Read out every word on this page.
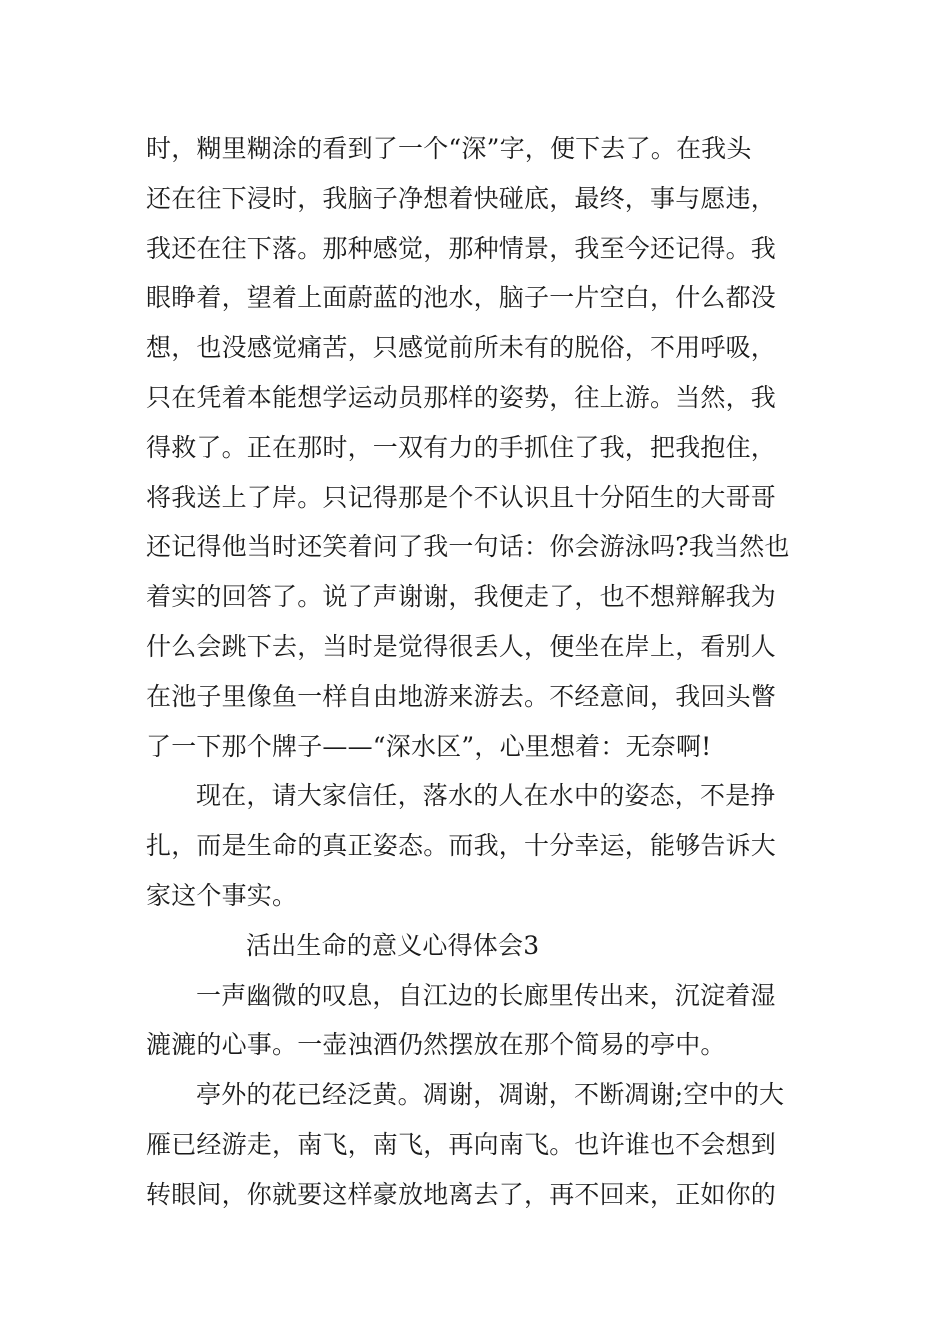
时，糊里糊涂的看到了一个“深”字，便下去了。在我头
还在往下浸时，我脑子净想着快碰底，最终，事与愿违，
我还在往下落。那种感觉，那种情景，我至今还记得。我
眼睁着，望着上面蔚蓝的池水，脑子一片空白，什么都没
想，也没感觉痛苦，只感觉前所未有的脱俗，不用呼吸，
只在凭着本能想学运动员那样的姿势，往上游。当然，我
得救了。正在那时，一双有力的手抓住了我，把我抱住，
将我送上了岸。只记得那是个不认识且十分陌生的大哥哥
还记得他当时还笑着问了我一句话：你会游泳吗?我当然也
着实的回答了。说了声谢谢，我便走了，也不想辩解我为
什么会跳下去，当时是觉得很丢人，便坐在岸上，看别人
在池子里像鱼一样自由地游来游去。不经意间，我回头瞥
了一下那个牌子——“深水区”，心里想着：无奈啊!
现在，请大家信任，落水的人在水中的姿态，不是挣
扎，而是生命的真正姿态。而我，十分幸运，能够告诉大
家这个事实。
活出生命的意义心得体会3
一声幽微的叹息，自江边的长廊里传出来，沉淀着湿
漉漉的心事。一壶浊酒仍然摆放在那个简易的亭中。
亭外的花已经泛黄。凋谢，凋谢，不断凋谢;空中的大
雁已经游走，南飞，南飞，再向南飞。也许谁也不会想到
转眼间，你就要这样豪放地离去了，再不回来，正如你的
